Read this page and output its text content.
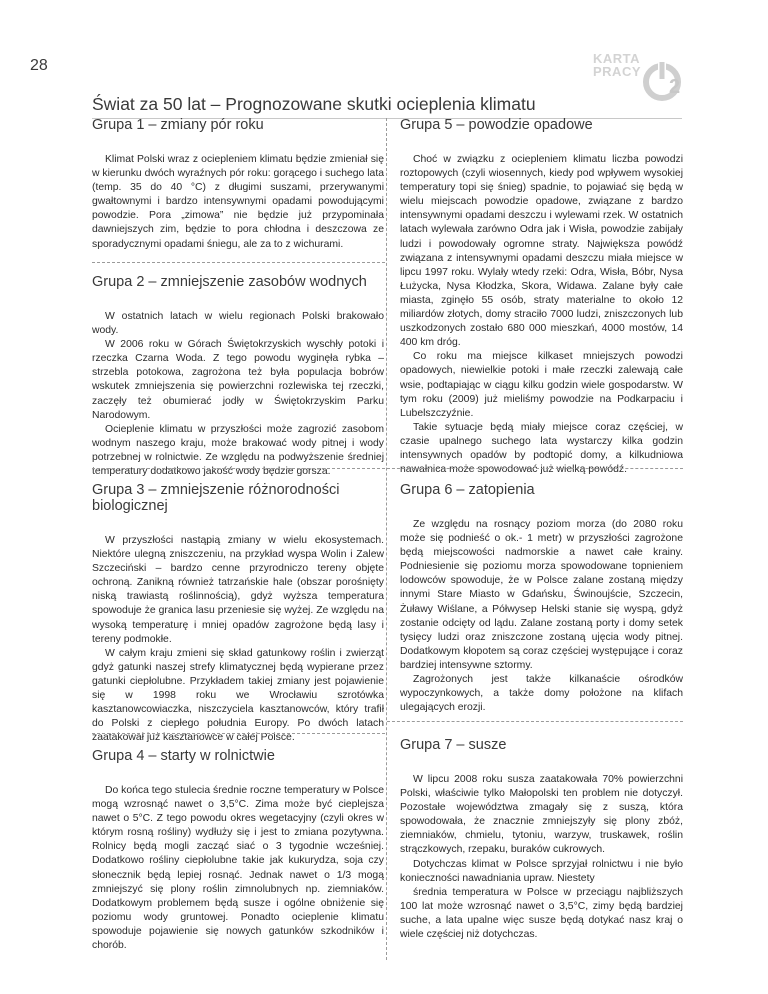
28
Świat za 50 lat – Prognozowane skutki ocieplenia klimatu
KARTA
PRACY
2
Grupa 1 – zmiany pór roku

Klimat Polski wraz z ociepleniem klimatu będzie zmieniał się w kierunku dwóch wyraźnych pór roku: gorącego i suchego lata (temp. 35 do 40 °C) z długimi suszami, przerywanymi gwałtownymi i bardzo intensywnymi opadami powodującymi powodzie. Pora „zimowa” nie będzie już przypominała dawniejszych zim, będzie to pora chłodna i deszczowa ze sporadycznymi opadami śniegu, ale za to z wichurami.

Grupa 2 – zmniejszenie zasobów wodnych

W ostatnich latach w wielu regionach Polski brakowało wody.

W 2006 roku w Górach Świętokrzyskich wyschły potoki i rzeczka Czarna Woda. Z tego powodu wyginęła rybka – strzebla potokowa, zagrożona też była populacja bobrów wskutek zmniejszenia się powierzchni rozlewiska tej rzeczki, zaczęły też obumierać jodły w Świętokrzyskim Parku Narodowym.

Ocieplenie klimatu w przyszłości może zagrozić zasobom wodnym naszego kraju, może brakować wody pitnej i wody potrzebnej w rolnictwie. Ze względu na podwyższenie średniej temperatury dodatkowo jakość wody będzie gorsza.

Grupa 3 – zmniejszenie różnorodności biologicznej

W przyszłości nastąpią zmiany w wielu ekosystemach. Niektóre ulegną zniszczeniu, na przykład wyspa Wolin i Zalew Szczeciński – bardzo cenne przyrodniczo tereny objęte ochroną. Zanikną również tatrzańskie hale (obszar porośnięty niską trawiastą roślinnością), gdyż wyższa temperatura spowoduje że granica lasu przeniesie się wyżej. Ze względu na wysoką temperaturę i mniej opadów zagrożone będą lasy i tereny podmokłe.

W całym kraju zmieni się skład gatunkowy roślin i zwierząt gdyż gatunki naszej strefy klimatycznej będą wypierane przez gatunki ciepłolubne. Przykładem takiej zmiany jest pojawienie się w 1998 roku we Wrocławiu szrotówka kasztanowcowiaczka, niszczyciela kasztanowców, który trafił do Polski z ciepłego południa Europy. Po dwóch latach zaatakował już kasztanowce w całej Polsce.

Grupa 4 – starty w rolnictwie

Do końca tego stulecia średnie roczne temperatury w Polsce mogą wzrosnąć nawet o 3,5°C. Zima może być cieplejsza nawet o 5°C. Z tego powodu okres wegetacyjny (czyli okres w którym rosną rośliny) wydłuży się i jest to zmiana pozytywna. Rolnicy będą mogli zacząć siać o 3 tygodnie wcześniej. Dodatkowo rośliny ciepłolubne takie jak kukurydza, soja czy słonecznik będą lepiej rosnąć. Jednak nawet o 1/3 mogą zmniejszyć się plony roślin zimnolubnych np. ziemniaków. Dodatkowym problemem będą susze i ogólne obniżenie się poziomu wody gruntowej. Ponadto ocieplenie klimatu spowoduje pojawienie się nowych gatunków szkodników i chorób.

Grupa 5 – powodzie opadowe

Choć w związku z ociepleniem klimatu liczba powodzi roztopowych (czyli wiosennych, kiedy pod wpływem wysokiej temperatury topi się śnieg) spadnie, to pojawiać się będą w wielu miejscach powodzie opadowe, związane z bardzo intensywnymi opadami deszczu i wylewami rzek. W ostatnich latach wylewała zarówno Odra jak i Wisła, powodzie zabijały ludzi i powodowały ogromne straty. Największa powódź związana z intensywnymi opadami deszczu miała miejsce w lipcu 1997 roku. Wylały wtedy rzeki: Odra, Wisła, Bóbr, Nysa Łużycka, Nysa Kłodzka, Skora, Widawa. Zalane były całe miasta, zginęło 55 osób, straty materialne to około 12 miliardów złotych, domy straciło 7000 ludzi, zniszczonych lub uszkodzonych zostało 680 000 mieszkań, 4000 mostów, 14 400 km dróg.

Co roku ma miejsce kilkaset mniejszych powodzi opadowych, niewielkie potoki i małe rzeczki zalewają całe wsie, podtapiając w ciągu kilku godzin wiele gospodarstw. W tym roku (2009) już mieliśmy powodzie na Podkarpaciu i Lubelszczyźnie.

Takie sytuacje będą miały miejsce coraz częściej, w czasie upalnego suchego lata wystarczy kilka godzin intensywnych opadów by podtopić domy, a kilkudniowa nawałnica może spowodować już wielką powódź.

Grupa 6 – zatopienia

Ze względu na rosnący poziom morza (do 2080 roku może się podnieść o ok.- 1 metr) w przyszłości zagrożone będą miejscowości nadmorskie a nawet całe krainy. Podniesienie się poziomu morza spowodowane topnieniem lodowców spowoduje, że w Polsce zalane zostaną między innymi Stare Miasto w Gdańsku, Świnoujście, Szczecin, Żuławy Wiślane, a Półwysep Helski stanie się wyspą, gdyż zostanie odcięty od lądu. Zalane zostaną porty i domy setek tysięcy ludzi oraz zniszczone zostaną ujęcia wody pitnej. Dodatkowym kłopotem są coraz częściej występujące i coraz bardziej intensywne sztormy.

Zagrożonych jest także kilkanaście ośrodków wypoczynkowych, a także domy położone na klifach ulegających erozji.

Grupa 7 – susze

W lipcu 2008 roku susza zaatakowała 70% powierzchni Polski, właściwie tylko Małopolski ten problem nie dotyczył. Pozostałe województwa zmagały się z suszą, która spowodowała, że znacznie zmniejszyły się plony zbóż, ziemniaków, chmielu, tytoniu, warzyw, truskawek, roślin strączkowych, rzepaku, buraków cukrowych.

Dotychczas klimat w Polsce sprzyjał rolnictwu i nie było konieczności nawadniania upraw. Niestety

średnia temperatura w Polsce w przeciągu najbliższych 100 lat może wzrosnąć nawet o 3,5°C, zimy będą bardziej suche, a lata upalne więc susze będą dotykać nasz kraj o wiele częściej niż dotychczas.
